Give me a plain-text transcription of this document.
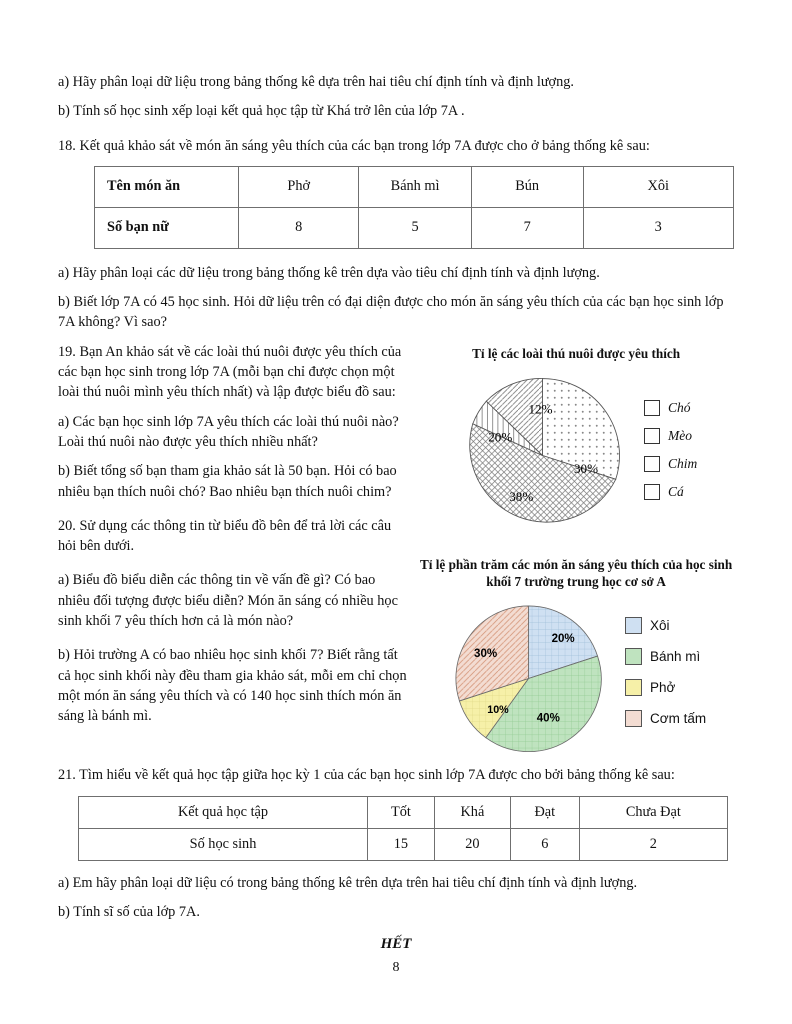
a) Hãy phân loại dữ liệu trong bảng thống kê dựa trên hai tiêu chí định tính và định lượng.

b) Tính số học sinh xếp loại kết quả học tập từ Khá trở lên của lớp 7A .

18. Kết quả khảo sát về món ăn sáng yêu thích của các bạn trong lớp 7A được cho ở bảng thống kê sau:

Tên món ăn	Phở	Bánh mì	Bún	Xôi
Số bạn nữ	8	5	7	3

a) Hãy phân loại các dữ liệu trong bảng thống kê trên dựa vào tiêu chí định tính và định lượng.

b) Biết lớp 7A có 45 học sinh. Hỏi dữ liệu trên có đại diện được cho món ăn sáng yêu thích của các bạn học sinh lớp 7A không? Vì sao?

19. Bạn An khảo sát về các loài thú nuôi được yêu thích của các bạn học sinh trong lớp 7A (mỗi bạn chỉ được chọn một loài thú nuôi mình yêu thích nhất) và lập được biểu đồ sau:

a) Các bạn học sinh lớp 7A yêu thích các loài thú nuôi nào? Loài thú nuôi nào được yêu thích nhiều nhất?

b) Biết tổng số bạn tham gia khảo sát là 50 bạn. Hỏi có bao nhiêu bạn thích nuôi chó? Bao nhiêu bạn thích nuôi chim?

20. Sử dụng các thông tin từ biểu đồ bên để trả lời các câu hỏi bên dưới.

a) Biểu đồ biểu diễn các thông tin về vấn đề gì? Có bao nhiêu đối tượng được biểu diễn? Món ăn sáng có nhiều học sinh khối 7 yêu thích hơn cả là món nào?

b) Hỏi trường A có bao nhiêu học sinh khối 7? Biết rằng tất cả học sinh khối này đều tham gia khảo sát, mỗi em chỉ chọn một món ăn sáng yêu thích và có 140 học sinh thích món ăn sáng là bánh mì.

Tỉ lệ các loài thú nuôi được yêu thích
30%
38%
20%
12%	Chó
Mèo
Chim
Cá
Tỉ lệ phần trăm các món ăn sáng yêu thích của học sinh khối 7 trường trung học cơ sở A
20%
40%
10%
30%
Xôi
Bánh mì
Phở
Cơm tấm

21. Tìm hiểu về kết quả học tập giữa học kỳ 1 của các bạn học sinh lớp 7A được cho bởi bảng thống kê sau:

Kết quả học tập	Tốt	Khá	Đạt	Chưa Đạt
Số học sinh	15	20	6	2

a) Em hãy phân loại dữ liệu có trong bảng thống kê trên dựa trên hai tiêu chí định tính và định lượng.

b) Tính sĩ số của lớp 7A.

HẾT
8
